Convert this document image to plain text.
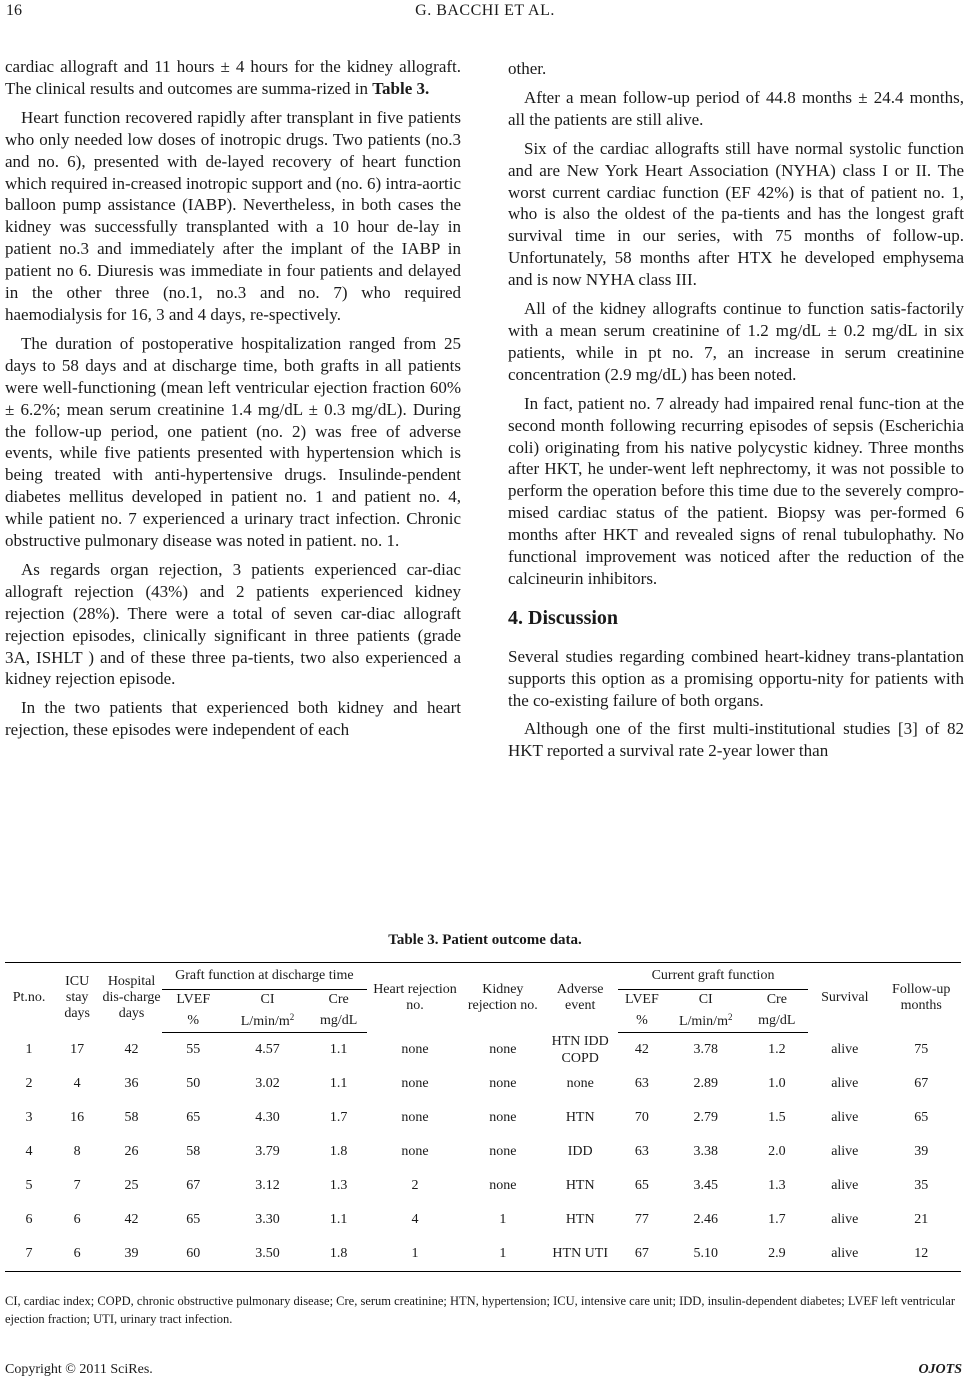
16	G. BACCHI ET AL.

cardiac allograft and 11 hours ± 4 hours for the kidney allograft. The clinical results and outcomes are summa-rized in Table 3.

Heart function recovered rapidly after transplant in five patients who only needed low doses of inotropic drugs. Two patients (no.3 and no. 6), presented with de-layed recovery of heart function which required in-creased inotropic support and (no. 6) intra-aortic balloon pump assistance (IABP). Nevertheless, in both cases the kidney was successfully transplanted with a 10 hour de-lay in patient no.3 and immediately after the implant of the IABP in patient no 6. Diuresis was immediate in four patients and delayed in the other three (no.1, no.3 and no. 7) who required haemodialysis for 16, 3 and 4 days, re-spectively.

The duration of postoperative hospitalization ranged from 25 days to 58 days and at discharge time, both grafts in all patients were well-functioning (mean left ventricular ejection fraction 60% ± 6.2%; mean serum creatinine 1.4 mg/dL ± 0.3 mg/dL). During the follow-up period, one patient (no. 2) was free of adverse events, while five patients presented with hypertension which is being treated with anti-hypertensive drugs. Insulinde-pendent diabetes mellitus developed in patient no. 1 and patient no. 4, while patient no. 7 experienced a urinary tract infection. Chronic obstructive pulmonary disease was noted in patient. no. 1.

As regards organ rejection, 3 patients experienced car-diac allograft rejection (43%) and 2 patients experienced kidney rejection (28%). There were a total of seven car-diac allograft rejection episodes, clinically significant in three patients (grade 3A, ISHLT ) and of these three pa-tients, two also experienced a kidney rejection episode.

In the two patients that experienced both kidney and heart rejection, these episodes were independent of each

other.

After a mean follow-up period of 44.8 months ± 24.4 months, all the patients are still alive.

Six of the cardiac allografts still have normal systolic function and are New York Heart Association (NYHA) class I or II. The worst current cardiac function (EF 42%) is that of patient no. 1, who is also the oldest of the pa-tients and has the longest graft survival time in our series, with 75 months of follow-up. Unfortunately, 58 months after HTX he developed emphysema and is now NYHA class III.

All of the kidney allografts continue to function satis-factorily with a mean serum creatinine of 1.2 mg/dL ± 0.2 mg/dL in six patients, while in pt no. 7, an increase in serum creatinine concentration (2.9 mg/dL) has been noted.

In fact, patient no. 7 already had impaired renal func-tion at the second month following recurring episodes of sepsis (Escherichia coli) originating from his native polycystic kidney. Three months after HKT, he under-went left nephrectomy, it was not possible to perform the operation before this time due to the severely compro-mised cardiac status of the patient. Biopsy was per-formed 6 months after HKT and revealed signs of renal tubulophathy. No functional improvement was noticed after the reduction of the calcineurin inhibitors.

4. Discussion

Several studies regarding combined heart-kidney trans-plantation supports this option as a promising opportu-nity for patients with the co-existing failure of both organs.

Although one of the first multi-institutional studies [3] of 82 HKT reported a survival rate 2-year lower than

Table 3. Patient outcome data.
Pt.no.	ICU stay days	Hospital dis-charge days	Graft function at discharge time			Heart rejection no.	Kidney rejection no.	Adverse event	Current graft function			Survival	Follow-up months
			LVEF	CI	Cre				LVEF	CI	Cre		
			%	$L/\min/m^2$	mg/dL				%	$L/\min/m^2$	mg/dL		
1	17	42	55	4.57	1.1	none	none	HTN IDD COPD	42	3.78	1.2	alive	75
2	4	36	50	3.02	1.1	none	none	none	63	2.89	1.0	alive	67
3	16	58	65	4.30	1.7	none	none	HTN	70	2.79	1.5	alive	65
4	8	26	58	3.79	1.8	none	none	IDD	63	3.38	2.0	alive	39
5	7	25	67	3.12	1.3	2	none	HTN	65	3.45	1.3	alive	35
6	6	42	65	3.30	1.1	4	1	HTN	77	2.46	1.7	alive	21
7	6	39	60	3.50	1.8	1	1	HTN UTI	67	5.10	2.9	alive	12
CI, cardiac index; COPD, chronic obstructive pulmonary disease; Cre, serum creatinine; HTN, hypertension; ICU, intensive care unit; IDD, insulin-dependent diabetes; LVEF left ventricular ejection fraction; UTI, urinary tract infection.
Copyright © 2011 SciRes.	OJOTS
